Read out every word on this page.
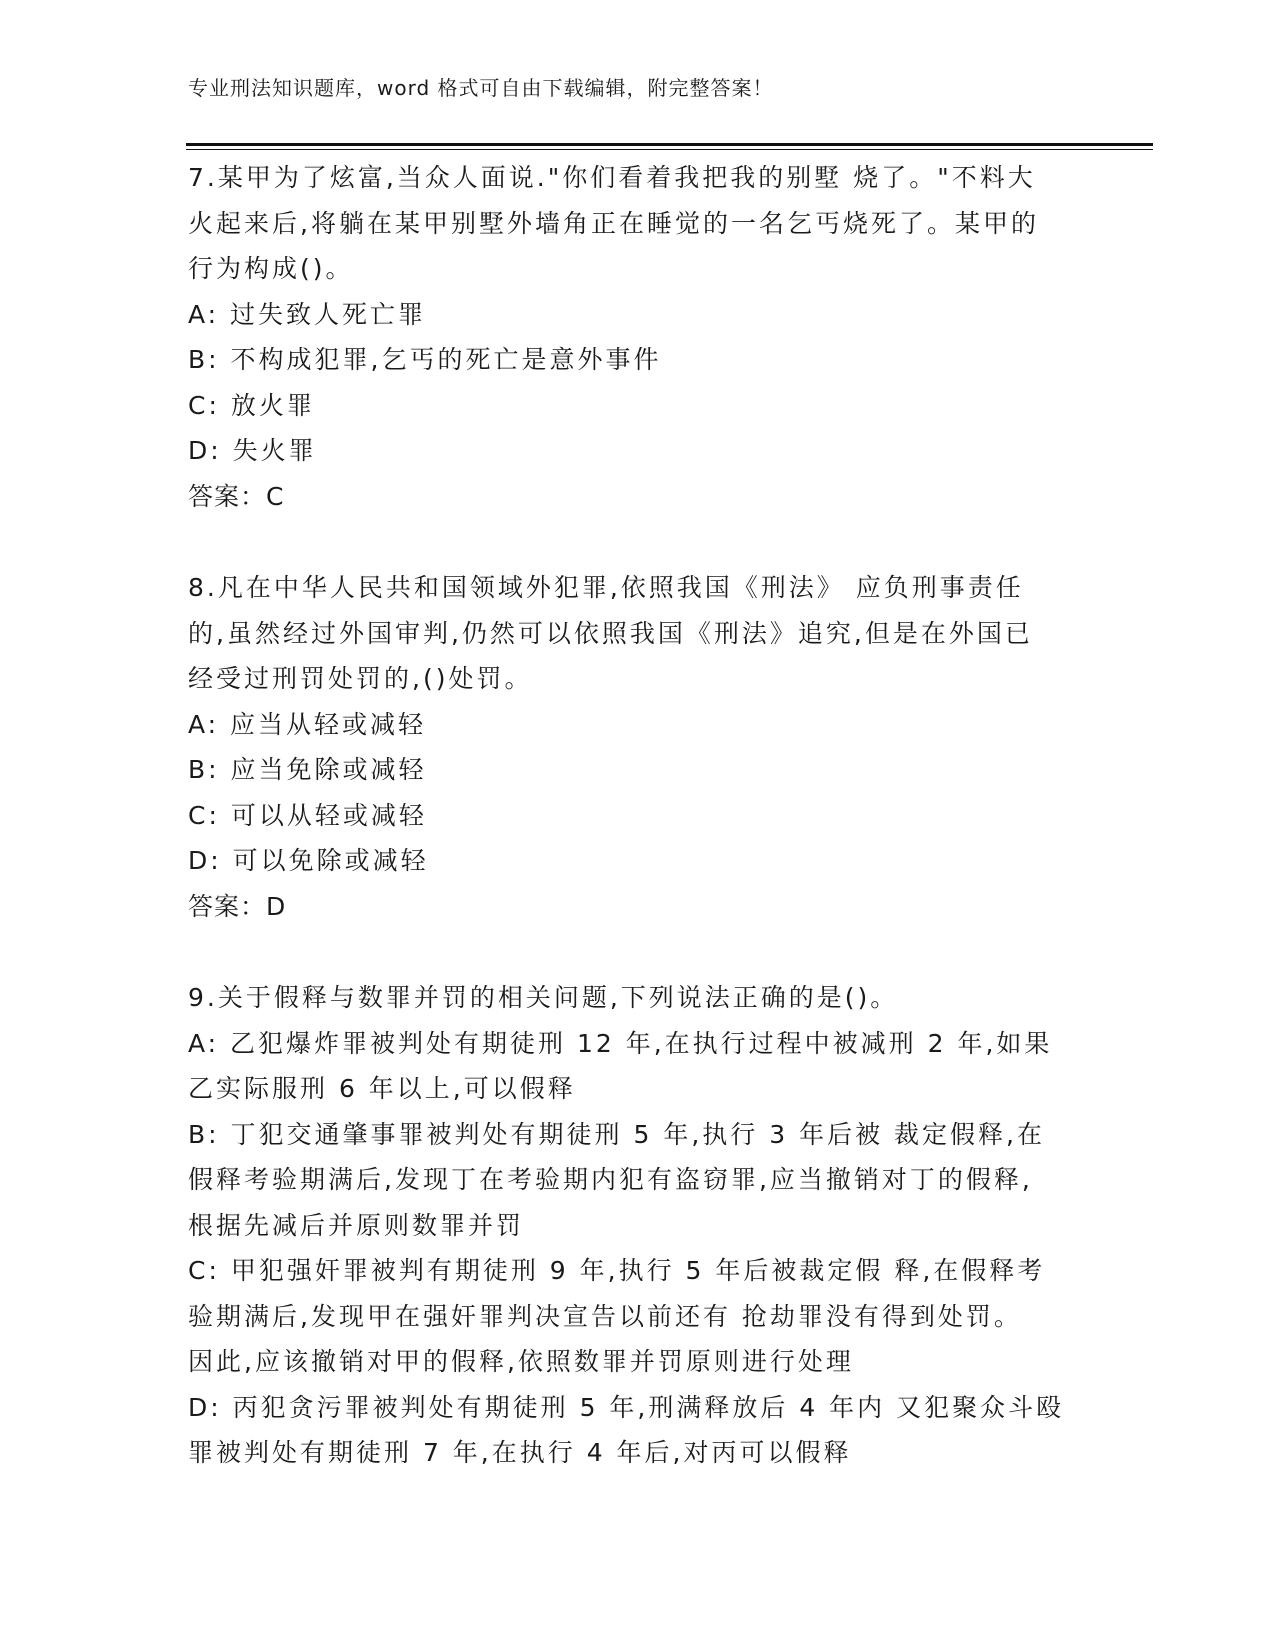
专业刑法知识题库，word 格式可自由下载编辑，附完整答案！
7.某甲为了炫富,当众人面说."你们看着我把我的别墅 烧了。"不料大
火起来后,将躺在某甲别墅外墙角正在睡觉的一名乞丐烧死了。某甲的
行为构成()。
A: 过失致人死亡罪
B: 不构成犯罪,乞丐的死亡是意外事件
C: 放火罪
D: 失火罪
答案：C
8.凡在中华人民共和国领域外犯罪,依照我国《刑法》 应负刑事责任
的,虽然经过外国审判,仍然可以依照我国《刑法》追究,但是在外国已
经受过刑罚处罚的,()处罚。
A: 应当从轻或减轻
B: 应当免除或减轻
C: 可以从轻或减轻
D: 可以免除或减轻
答案：D
9.关于假释与数罪并罚的相关问题,下列说法正确的是()。
A: 乙犯爆炸罪被判处有期徒刑 12 年,在执行过程中被减刑 2 年,如果
乙实际服刑 6 年以上,可以假释
B: 丁犯交通肇事罪被判处有期徒刑 5 年,执行 3 年后被 裁定假释,在
假释考验期满后,发现丁在考验期内犯有盗窃罪,应当撤销对丁的假释,
根据先减后并原则数罪并罚
C: 甲犯强奸罪被判有期徒刑 9 年,执行 5 年后被裁定假 释,在假释考
验期满后,发现甲在强奸罪判决宣告以前还有 抢劫罪没有得到处罚。
因此,应该撤销对甲的假释,依照数罪并罚原则进行处理
D: 丙犯贪污罪被判处有期徒刑 5 年,刑满释放后 4 年内 又犯聚众斗殴
罪被判处有期徒刑 7 年,在执行 4 年后,对丙可以假释
